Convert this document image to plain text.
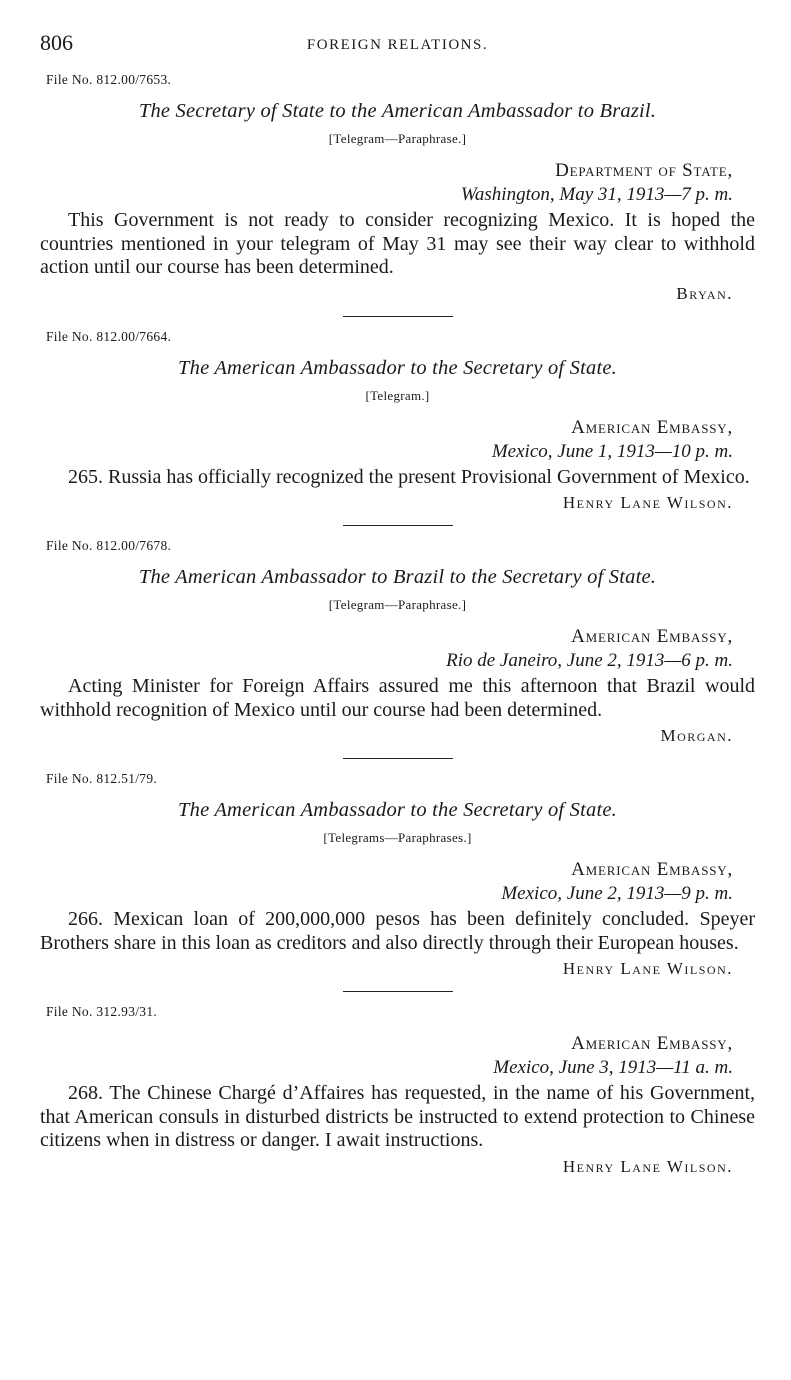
806	FOREIGN RELATIONS.
File No. 812.00/7653.
The Secretary of State to the American Ambassador to Brazil.
[Telegram—Paraphrase.]
Department of State,
Washington, May 31, 1913—7 p. m.

This Government is not ready to consider recognizing Mexico. It is hoped the countries mentioned in your telegram of May 31 may see their way clear to withhold action until our course has been determined.

Bryan.
File No. 812.00/7664.
The American Ambassador to the Secretary of State.
[Telegram.]
American Embassy,
Mexico, June 1, 1913—10 p. m.

265. Russia has officially recognized the present Provisional Government of Mexico.

Henry Lane Wilson.
File No. 812.00/7678.
The American Ambassador to Brazil to the Secretary of State.
[Telegram—Paraphrase.]
American Embassy,
Rio de Janeiro, June 2, 1913—6 p. m.

Acting Minister for Foreign Affairs assured me this afternoon that Brazil would withhold recognition of Mexico until our course had been determined.

Morgan.
File No. 812.51/79.
The American Ambassador to the Secretary of State.
[Telegrams—Paraphrases.]
American Embassy,
Mexico, June 2, 1913—9 p. m.

266. Mexican loan of 200,000,000 pesos has been definitely concluded. Speyer Brothers share in this loan as creditors and also directly through their European houses.

Henry Lane Wilson.
File No. 312.93/31.
American Embassy,
Mexico, June 3, 1913—11 a. m.

268. The Chinese Chargé d’Affaires has requested, in the name of his Government, that American consuls in disturbed districts be instructed to extend protection to Chinese citizens when in distress or danger. I await instructions.

Henry Lane Wilson.
